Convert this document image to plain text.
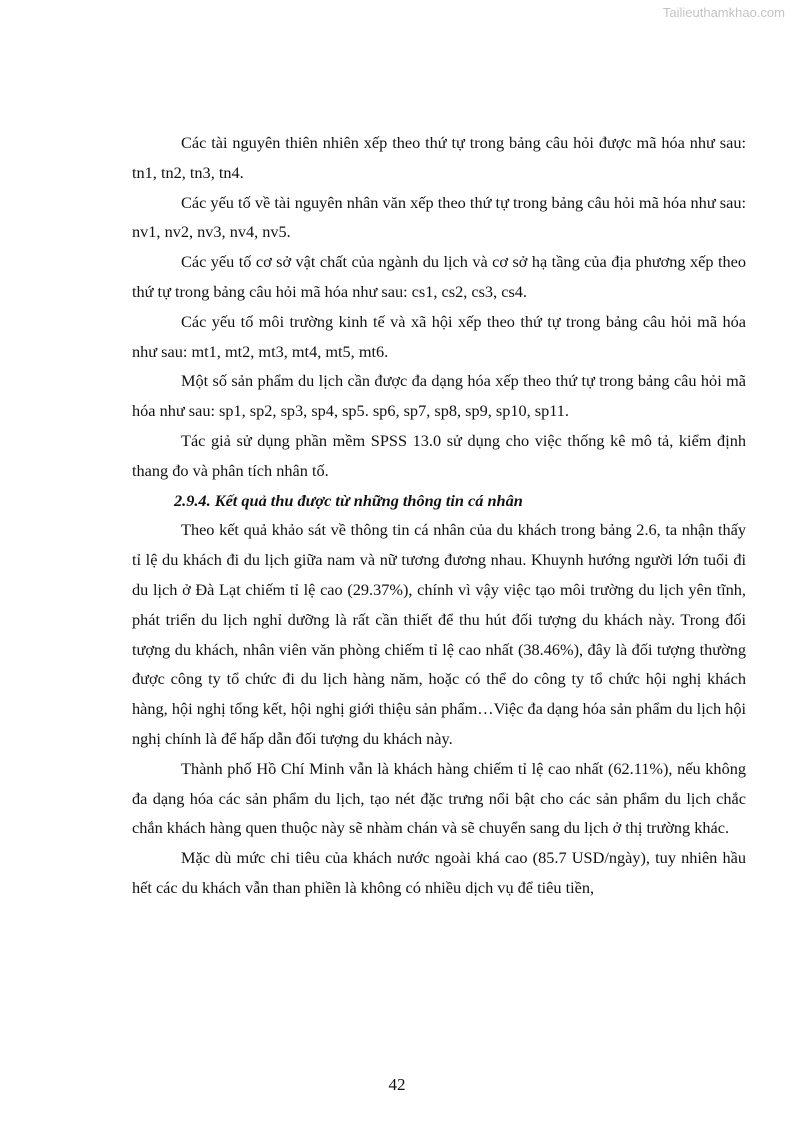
Tailieuthamkhao.com

Các tài nguyên thiên nhiên xếp theo thứ tự trong bảng câu hỏi được mã hóa như sau: tn1, tn2, tn3, tn4.

Các yếu tố về tài nguyên nhân văn xếp theo thứ tự trong bảng câu hỏi mã hóa như sau: nv1, nv2, nv3, nv4, nv5.

Các yếu tố cơ sở vật chất của ngành du lịch và cơ sở hạ tầng của địa phương xếp theo thứ tự trong bảng câu hỏi mã hóa như sau: cs1, cs2, cs3, cs4.

Các yếu tố môi trường kinh tế và xã hội xếp theo thứ tự trong bảng câu hỏi mã hóa như sau: mt1, mt2, mt3, mt4, mt5, mt6.

Một số sản phẩm du lịch cần được đa dạng hóa xếp theo thứ tự trong bảng câu hỏi mã hóa như sau: sp1, sp2, sp3, sp4, sp5. sp6, sp7, sp8, sp9, sp10, sp11.

Tác giả sử dụng phần mềm SPSS 13.0 sử dụng cho việc thống kê mô tả, kiểm định thang đo và phân tích nhân tố.

2.9.4. Kết quả thu được từ những thông tin cá nhân

Theo kết quả khảo sát về thông tin cá nhân của du khách trong bảng 2.6, ta nhận thấy tỉ lệ du khách đi du lịch giữa nam và nữ tương đương nhau. Khuynh hướng người lớn tuổi đi du lịch ở Đà Lạt chiếm tỉ lệ cao (29.37%), chính vì vậy việc tạo môi trường du lịch yên tĩnh, phát triển du lịch nghỉ dưỡng là rất cần thiết để thu hút đối tượng du khách này. Trong đối tượng du khách, nhân viên văn phòng chiếm tỉ lệ cao nhất (38.46%), đây là đối tượng thường được công ty tổ chức đi du lịch hàng năm, hoặc có thể do công ty tổ chức hội nghị khách hàng, hội nghị tổng kết, hội nghị giới thiệu sản phẩm…Việc đa dạng hóa sản phẩm du lịch hội nghị chính là để hấp dẫn đối tượng du khách này.

Thành phố Hồ Chí Minh vẫn là khách hàng chiếm tỉ lệ cao nhất (62.11%), nếu không đa dạng hóa các sản phẩm du lịch, tạo nét đặc trưng nổi bật cho các sản phẩm du lịch chắc chắn khách hàng quen thuộc này sẽ nhàm chán và sẽ chuyển sang du lịch ở thị trường khác.

Mặc dù mức chi tiêu của khách nước ngoài khá cao (85.7 USD/ngày), tuy nhiên hầu hết các du khách vẫn than phiền là không có nhiều dịch vụ để tiêu tiền,

42
